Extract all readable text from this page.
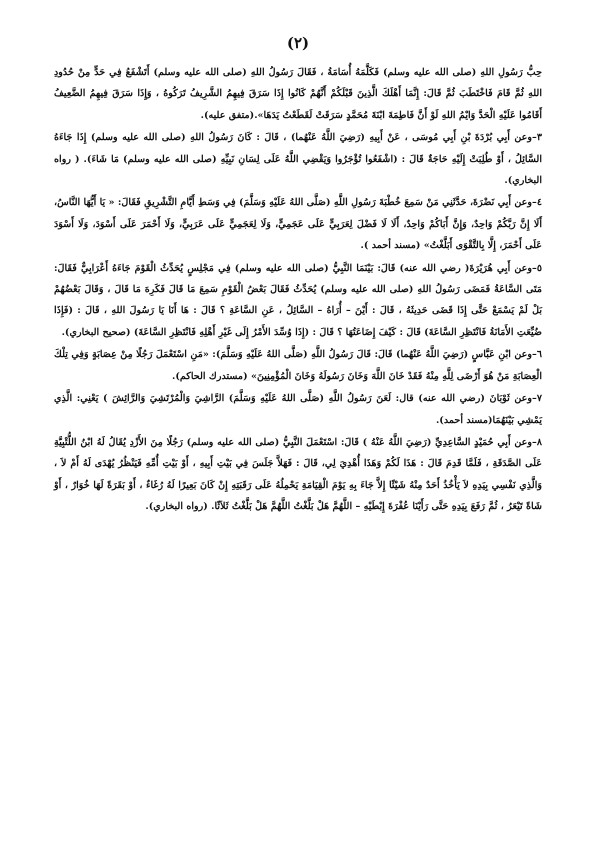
(٢)

حِبُّ رَسُولِ اللهِ (صلى الله عليه وسلم) فَكَلَّمَهُ أُسَامَةُ ، فَقَالَ رَسُولُ اللهِ (صلى الله عليه وسلم) أَتَشْفَعُ فِي حَدٍّ مِنْ حُدُودِ اللهِ ثُمَّ قَامَ فَاخْتَطَبَ ثُمَّ قَالَ: إِنَّمَا أَهْلَكَ الَّذِينَ قَبْلَكُمْ أَنَّهُمْ كَانُوا إِذَا سَرَقَ فِيهِمُ الشَّرِيفُ تَرَكُوهُ ، وَإِذَا سَرَقَ فِيهِمُ الضَّعِيفُ أَقَامُوا عَلَيْهِ الْحَدَّ وَايْمُ اللهِ لَوْ أَنَّ فَاطِمَةَ ابْنَةَ مُحَمَّدٍ سَرَقَتْ لَقَطَعْتُ يَدَهَا».(متفق عليه).

٣–وعن أَبِي بُرْدَةَ بْنِ أَبِي مُوسَى ، عَنْ أَبِيهِ (رَضِيَ اللَّهُ عَنْهُما) ، قَالَ : كَانَ رَسُولُ اللهِ (صلى الله عليه وسلم) إِذَا جَاءَهُ السَّائِلُ ، أَوْ طُلِبَتْ إِلَيْهِ حَاجَةٌ قَالَ : (اشْفَعُوا تُؤْجَرُوا وَيَقْضِي اللَّهُ عَلَى لِسَانِ نَبِيِّهِ (صلى الله عليه وسلم) مَا شَاءَ). ( رواه البخاري).

٤–وعن أَبِي نَضْرَةَ، حَدَّثَنِي مَنْ سَمِعَ خُطْبَةَ رَسُولِ اللَّهِ (صَلَّى اللهُ عَلَيْهِ وَسَلَّمَ) فِي وَسَطِ أَيَّامِ التَّشْرِيقِ فَقَالَ: « يَا أَيُّهَا النَّاسُ، أَلَا إِنَّ رَبَّكُمْ وَاحِدٌ، وَإِنَّ أَبَاكُمْ وَاحِدٌ، أَلَا لَا فَضْلَ لِعَرَبِيٍّ عَلَى عَجَمِيٍّ، وَلَا لِعَجَمِيٍّ عَلَى عَرَبِيٍّ، وَلَا أَحْمَرَ عَلَى أَسْوَدَ، وَلَا أَسْوَدَ عَلَى أَحْمَرَ، إِلَّا بِالتَّقْوَى أَبَلَّغْتُ» (مسند أحمد ).

٥–وعن أَبِي هُرَيْرَةَ( رضي الله عنه) قَالَ: بَيْنَمَا النَّبِيُّ (صلى الله عليه وسلم) فِي مَجْلِسٍ يُحَدِّثُ الْقَوْمَ جَاءَهُ أَعْرَابِيٌّ فَقَالَ: مَتَى السَّاعَةُ فَمَضَى رَسُولُ اللهِ (صلى الله عليه وسلم) يُحَدِّثُ فَقَالَ بَعْضُ الْقَوْمِ سَمِعَ مَا قَالَ فَكَرِهَ مَا قَالَ ، وَقَالَ بَعْضُهُمْ بَلْ لَمْ يَسْمَعْ حَتَّى إِذَا قَضَى حَدِيثَهُ ، قَالَ : أَيْنَ – أُرَاهُ – السَّائِلُ ، عَنِ السَّاعَةِ ؟ قَالَ : هَا أَنَا يَا رَسُولَ اللهِ ، قَالَ : (فَإِذَا ضُيِّعَتِ الأَمَانَةُ فَانْتَظِرِ السَّاعَةَ) قَالَ : كَيْفَ إِضَاعَتُهَا ؟ قَالَ : (إِذَا وُسِّدَ الأَمْرُ إِلَى غَيْرِ أَهْلِهِ فَانْتَظِرِ السَّاعَةَ) (صحيح البخاري).

٦–وعن ابْنِ عَبَّاسٍ (رَضِيَ اللَّهُ عَنْهُما) قَالَ: قَالَ رَسُولُ اللَّهِ (صَلَّى اللهُ عَلَيْهِ وَسَلَّمَ): «مَنِ اسْتَعْمَلَ رَجُلًا مِنْ عِصَابَةٍ وَفِي تِلْكَ الْعِصَابَةِ مَنْ هُوَ أَرْضَى لِلَّهِ مِنْهُ فَقَدْ خَانَ اللَّهَ وَخَانَ رَسُولَهُ وَخَانَ الْمُؤْمِنِينَ» (مستدرك الحاكم).

٧–وعن ثَوْبَانَ (رضي الله عنه) قال: لَعَنَ رَسُولُ اللَّهِ (صَلَّى اللهُ عَلَيْهِ وَسَلَّمَ) الرَّاشِيَ وَالْمُرْتَشِيَ وَالرَّائِشَ ) يَعْنِي: الَّذِي يَمْشِي بَيْنَهُمَا(مسند أحمد).

٨–وعن أَبِي حُمَيْدٍ السَّاعِدِيِّ (رَضِيَ اللَّهُ عَنْهُ ) قَالَ: اسْتَعْمَلَ النَّبِيُّ (صلى الله عليه وسلم) رَجُلًا مِنَ الأَزْدِ يُقَالُ لَهُ ابْنُ اللُّتْبِيَّةِ عَلَى الصَّدَقَةِ ، فَلَمَّا قَدِمَ قَالَ : هَذَا لَكُمْ وَهَذَا أُهْدِيَ لِي، قَالَ : فَهَلاَّ جَلَسَ فِي بَيْتِ أَبِيهِ ، أَوْ بَيْتِ أُمِّهِ فَيَنْظُرُ يُهْدَى لَهُ أَمْ لاَ ، وَالَّذِي نَفْسِي بِيَدِهِ لاَ يَأْخُذُ أَحَدٌ مِنْهُ شَيْئًا إِلاَّ جَاءَ بِهِ يَوْمَ الْقِيَامَةِ يَحْمِلُهُ عَلَى رَقَبَتِهِ إِنْ كَانَ بَعِيرًا لَهُ رُغَاءٌ ، أَوْ بَقَرَةً لَهَا خُوَارٌ ، أَوْ شَاةً تَيْعَرُ ، ثُمَّ رَفَعَ بِيَدِهِ حَتَّى رَأَيْنَا عُفْرَةَ إِبْطَيْهِ – اللَّهُمَّ هَلْ بَلَّغْتُ اللَّهُمَّ هَلْ بَلَّغْتُ ثَلاَثًا. (رواه البخاري).
